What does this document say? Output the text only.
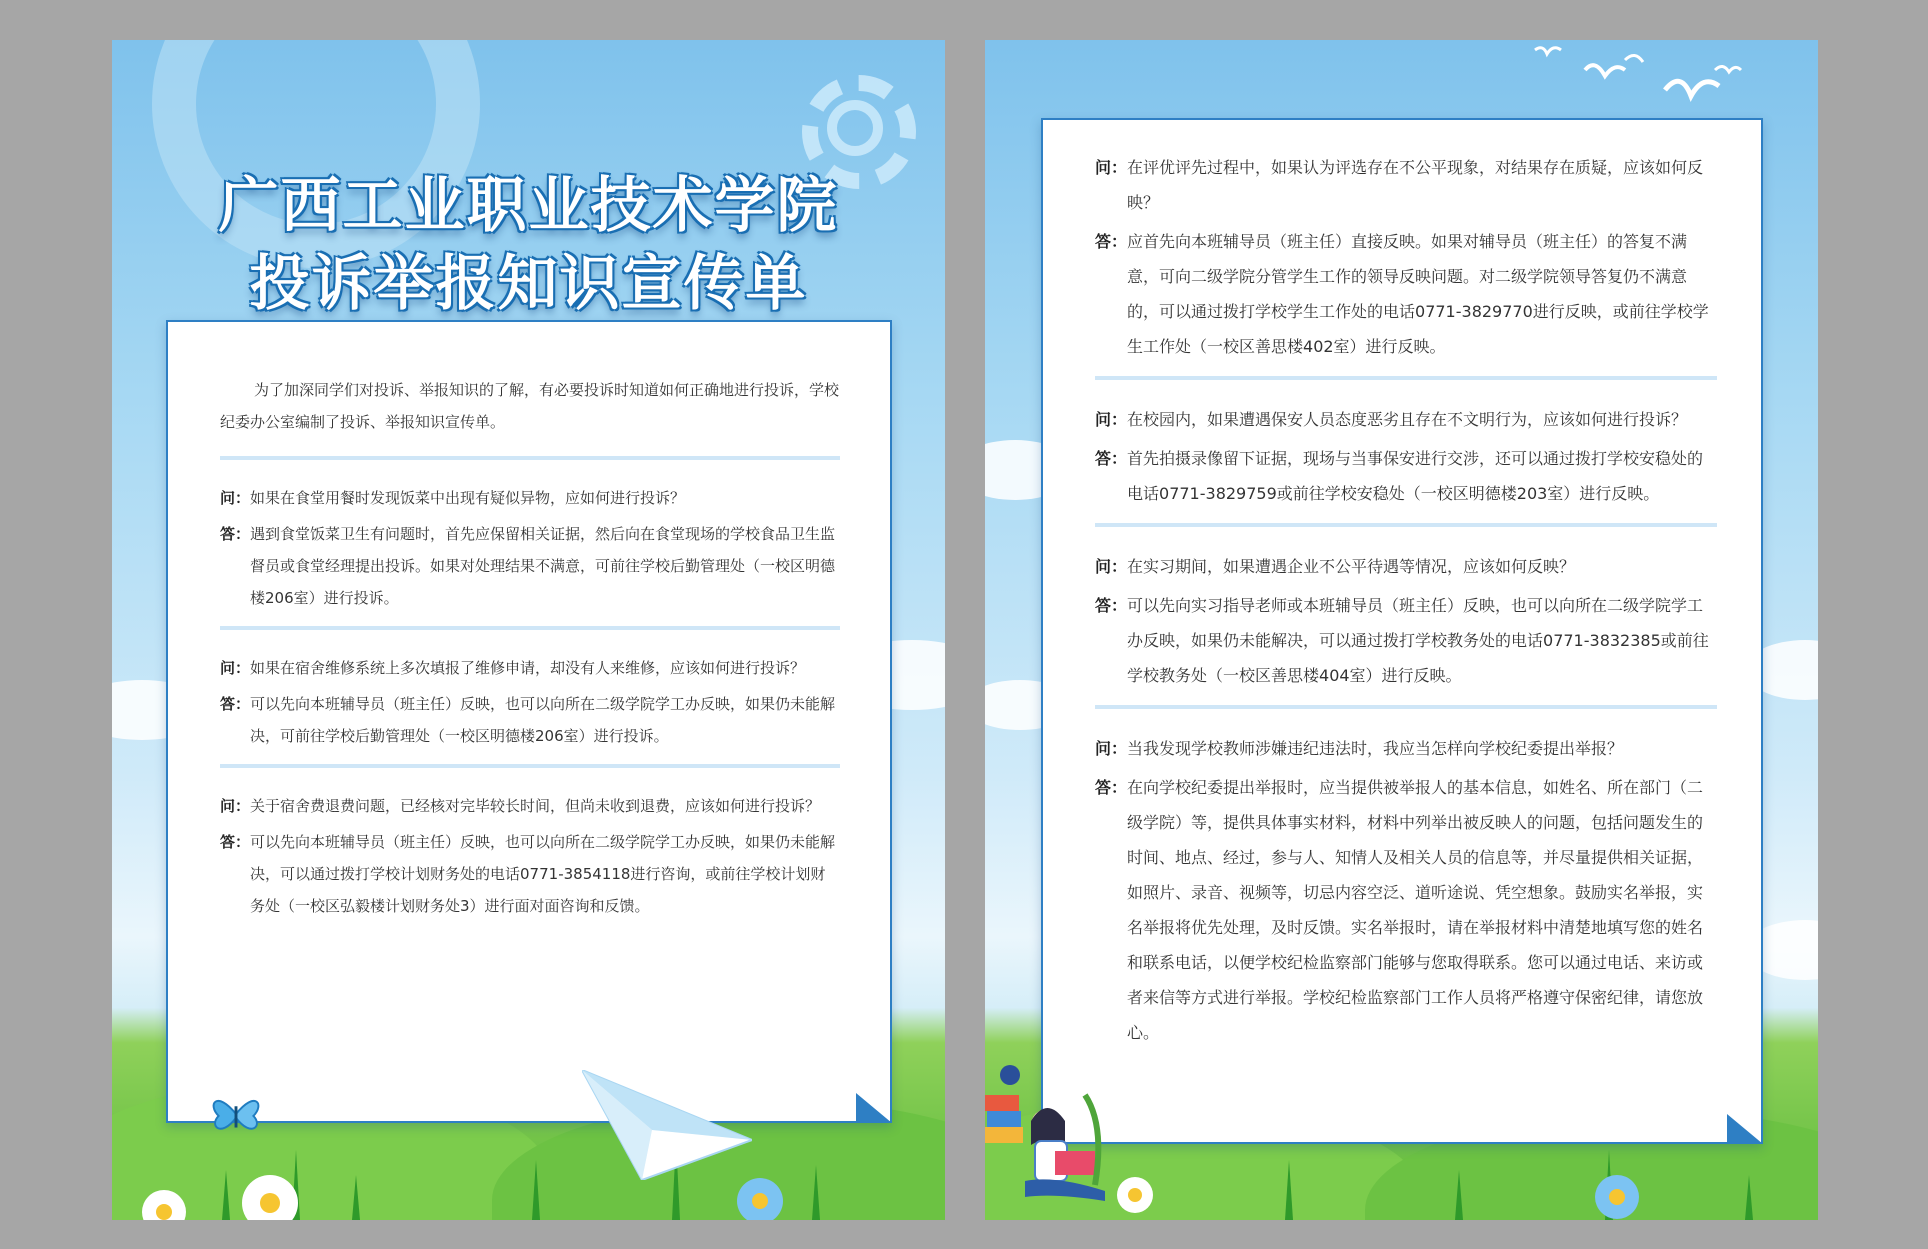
广西工业职业技术学院
投诉举报知识宣传单

为了加深同学们对投诉、举报知识的了解，有必要投诉时知道如何正确地进行投诉，学校纪委办公室编制了投诉、举报知识宣传单。

问： 如果在食堂用餐时发现饭菜中出现有疑似异物，应如何进行投诉？
答： 遇到食堂饭菜卫生有问题时，首先应保留相关证据，然后向在食堂现场的学校食品卫生监督员或食堂经理提出投诉。如果对处理结果不满意，可前往学校后勤管理处（一校区明德楼206室）进行投诉。
问： 如果在宿舍维修系统上多次填报了维修申请，却没有人来维修，应该如何进行投诉？
答： 可以先向本班辅导员（班主任）反映，也可以向所在二级学院学工办反映，如果仍未能解决，可前往学校后勤管理处（一校区明德楼206室）进行投诉。
问： 关于宿舍费退费问题，已经核对完毕较长时间，但尚未收到退费，应该如何进行投诉？
答： 可以先向本班辅导员（班主任）反映，也可以向所在二级学院学工办反映，如果仍未能解决，可以通过拨打学校计划财务处的电话0771-3854118进行咨询，或前往学校计划财务处（一校区弘毅楼计划财务处3）进行面对面咨询和反馈。
问： 在评优评先过程中，如果认为评选存在不公平现象，对结果存在质疑，应该如何反映？
答： 应首先向本班辅导员（班主任）直接反映。如果对辅导员（班主任）的答复不满意，可向二级学院分管学生工作的领导反映问题。对二级学院领导答复仍不满意的，可以通过拨打学校学生工作处的电话0771-3829770进行反映，或前往学校学生工作处（一校区善思楼402室）进行反映。
问： 在校园内，如果遭遇保安人员态度恶劣且存在不文明行为，应该如何进行投诉？
答： 首先拍摄录像留下证据，现场与当事保安进行交涉，还可以通过拨打学校安稳处的电话0771-3829759或前往学校安稳处（一校区明德楼203室）进行反映。
问： 在实习期间，如果遭遇企业不公平待遇等情况，应该如何反映？
答： 可以先向实习指导老师或本班辅导员（班主任）反映，也可以向所在二级学院学工办反映，如果仍未能解决，可以通过拨打学校教务处的电话0771-3832385或前往学校教务处（一校区善思楼404室）进行反映。
问： 当我发现学校教师涉嫌违纪违法时，我应当怎样向学校纪委提出举报？
答： 在向学校纪委提出举报时，应当提供被举报人的基本信息，如姓名、所在部门（二级学院）等，提供具体事实材料，材料中列举出被反映人的问题，包括问题发生的时间、地点、经过，参与人、知情人及相关人员的信息等，并尽量提供相关证据，如照片、录音、视频等，切忌内容空泛、道听途说、凭空想象。鼓励实名举报，实名举报将优先处理，及时反馈。实名举报时，请在举报材料中清楚地填写您的姓名和联系电话，以便学校纪检监察部门能够与您取得联系。您可以通过电话、来访或者来信等方式进行举报。学校纪检监察部门工作人员将严格遵守保密纪律，请您放心。
